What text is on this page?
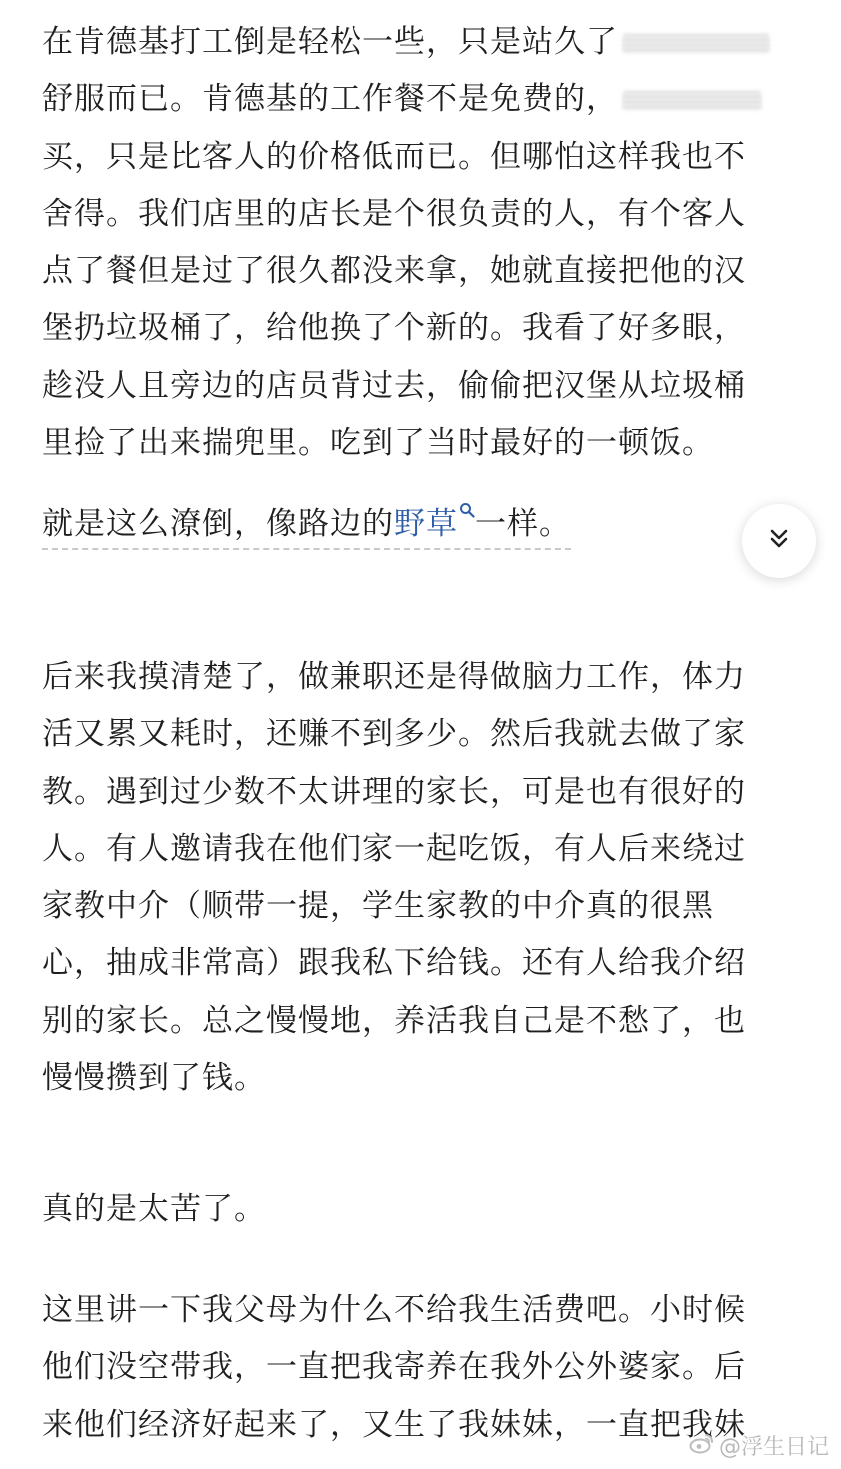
在肯德基打工倒是轻松一些，只是站久了
舒服而已。肯德基的工作餐不是免费的，
买，只是比客人的价格低而已。但哪怕这样我也不
舍得。我们店里的店长是个很负责的人，有个客人
点了餐但是过了很久都没来拿，她就直接把他的汉
堡扔垃圾桶了，给他换了个新的。我看了好多眼，
趁没人且旁边的店员背过去，偷偷把汉堡从垃圾桶
里捡了出来揣兜里。吃到了当时最好的一顿饭。
就是这么潦倒，像路边的野草 一样。
后来我摸清楚了，做兼职还是得做脑力工作，体力
活又累又耗时，还赚不到多少。然后我就去做了家
教。遇到过少数不太讲理的家长，可是也有很好的
人。有人邀请我在他们家一起吃饭，有人后来绕过
家教中介（顺带一提，学生家教的中介真的很黑
心，抽成非常高）跟我私下给钱。还有人给我介绍
别的家长。总之慢慢地，养活我自己是不愁了，也
慢慢攒到了钱。
真的是太苦了。
这里讲一下我父母为什么不给我生活费吧。小时候
他们没空带我，一直把我寄养在我外公外婆家。后
来他们经济好起来了，又生了我妹妹，一直把我妹
@浮生日记
